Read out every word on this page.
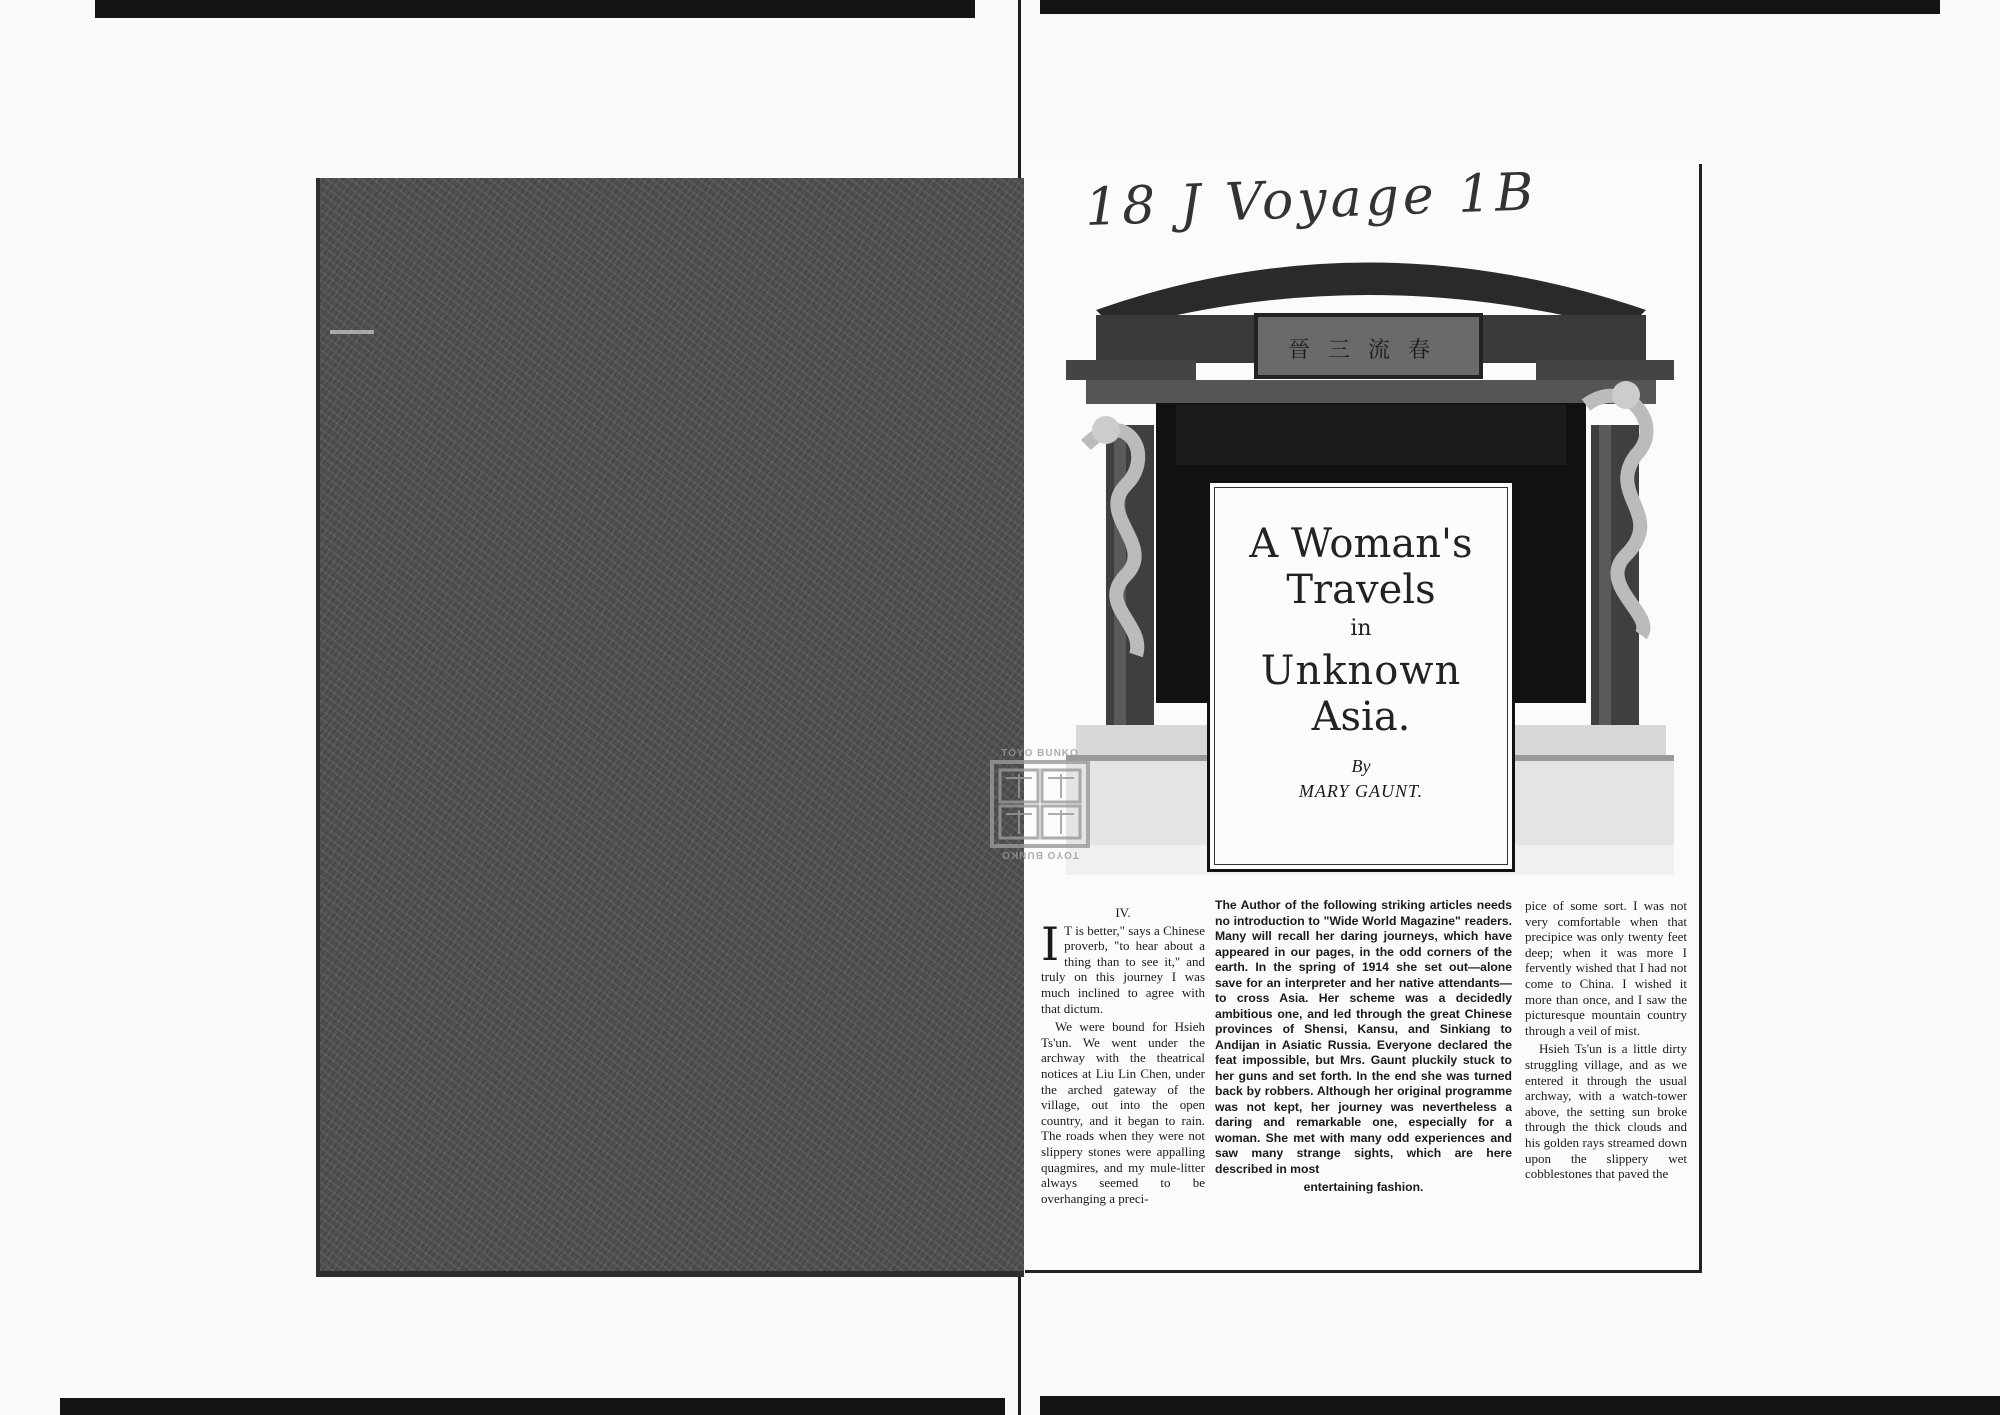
18 J Voyage 1B
晉三流春
A Woman's
Travels
in
Unknown
Asia.
By
MARY GAUNT.
TOYO BUNKO
TOYO BUNKO
IV.

I T is better," says a Chinese proverb, "to hear about a thing than to see it," and truly on this journey I was much inclined to agree with that dictum.

We were bound for Hsieh Ts'un. We went under the archway with the theatrical notices at Liu Lin Chen, under the arched gateway of the village, out into the open country, and it began to rain. The roads when they were not slippery stones were appalling quagmires, and my mule-litter always seemed to be overhanging a preci-

The Author of the following striking articles needs no introduction to "Wide World Magazine" readers. Many will recall her daring journeys, which have appeared in our pages, in the odd corners of the earth. In the spring of 1914 she set out—alone save for an interpreter and her native attendants—to cross Asia. Her scheme was a decidedly ambitious one, and led through the great Chinese provinces of Shensi, Kansu, and Sinkiang to Andijan in Asiatic Russia. Everyone declared the feat impossible, but Mrs. Gaunt pluckily stuck to her guns and set forth. In the end she was turned back by robbers. Although her original programme was not kept, her journey was nevertheless a daring and remarkable one, especially for a woman. She met with many odd experiences and saw many strange sights, which are here described in most

entertaining fashion.

pice of some sort. I was not very comfortable when that precipice was only twenty feet deep; when it was more I fervently wished that I had not come to China. I wished it more than once, and I saw the picturesque mountain country through a veil of mist.

Hsieh Ts'un is a little dirty struggling village, and as we entered it through the usual archway, with a watch-tower above, the setting sun broke through the thick clouds and his golden rays streamed down upon the slippery wet cobblestones that paved the
